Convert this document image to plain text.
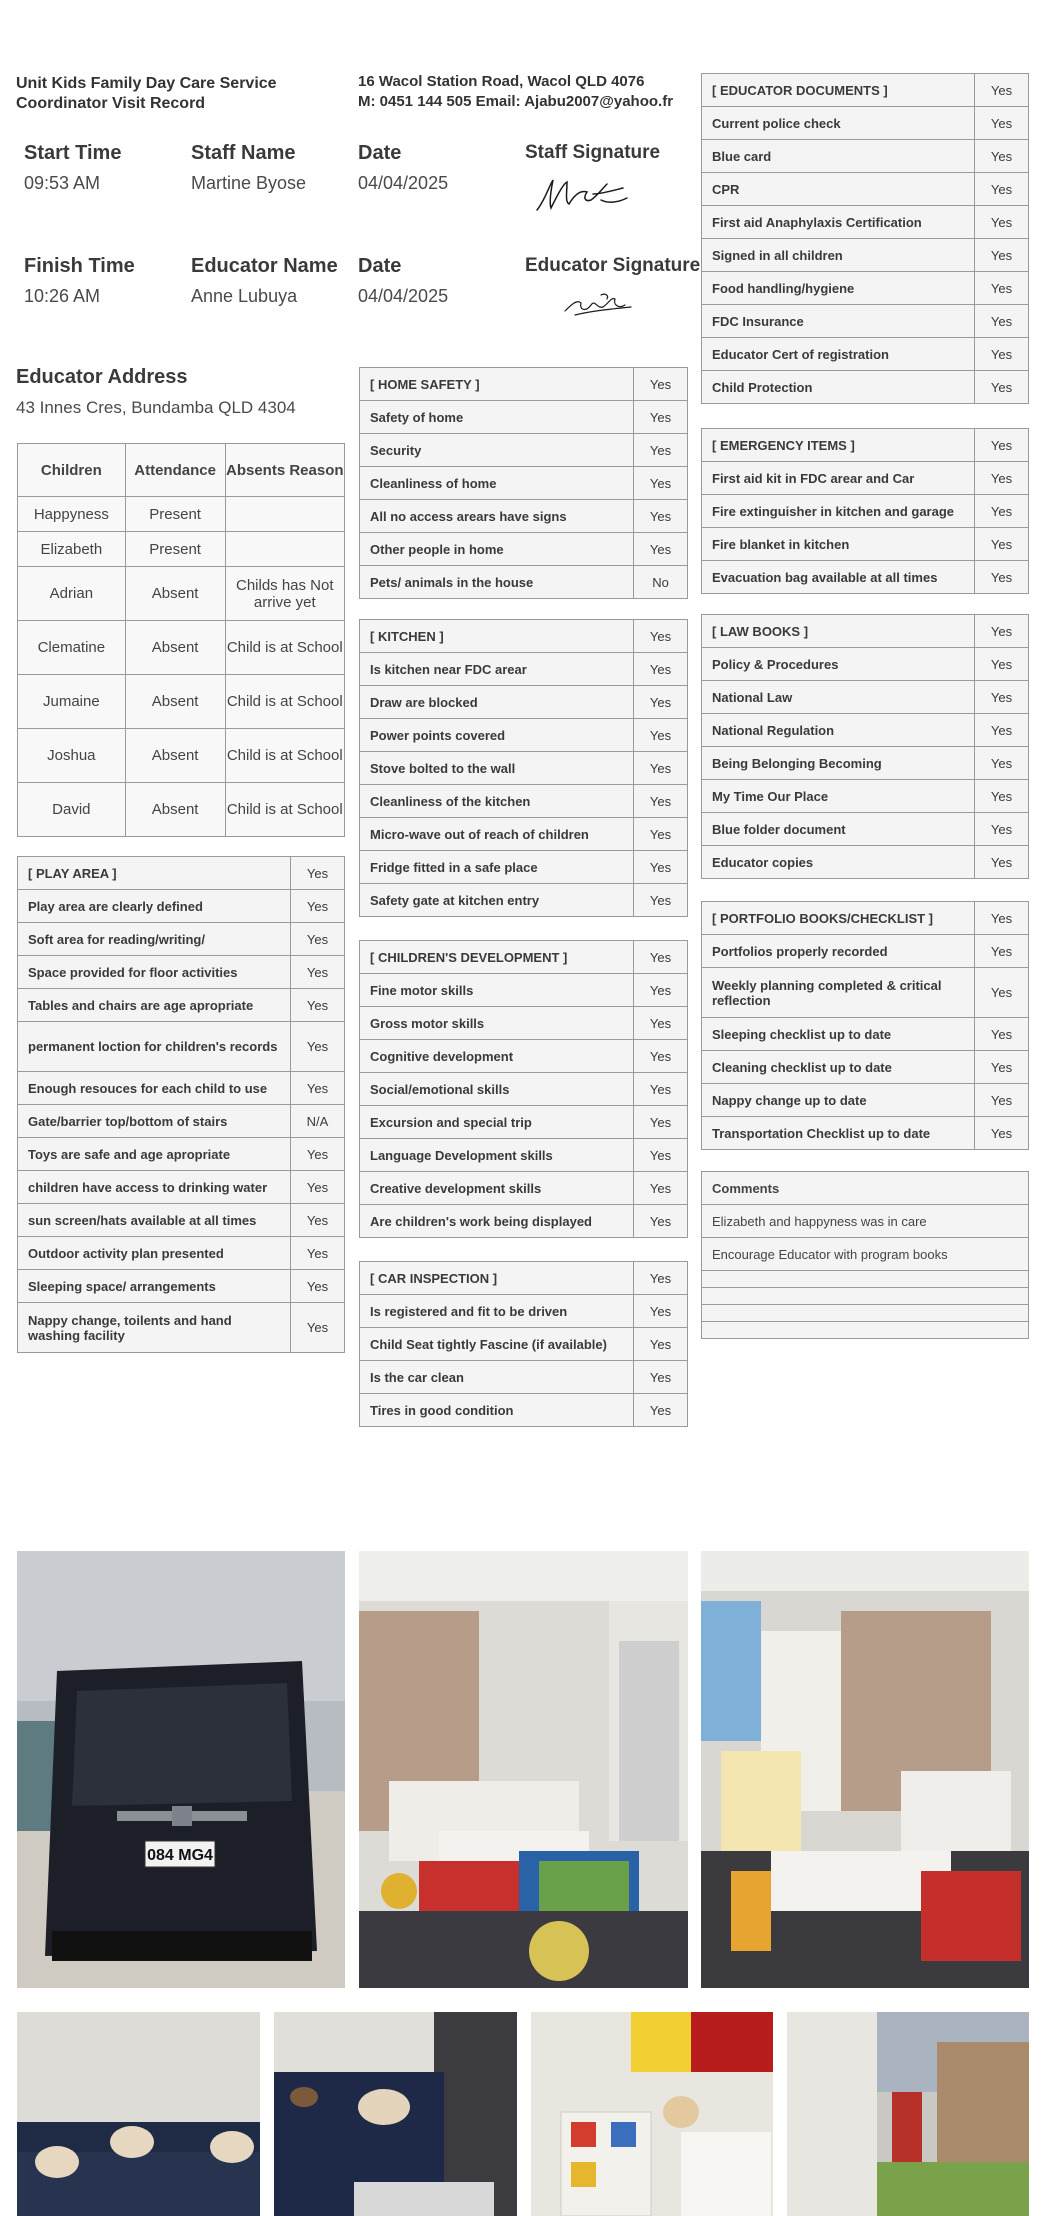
Unit Kids Family Day Care Service Coordinator Visit Record
16 Wacol Station Road, Wacol QLD 4076
M: 0451 144 505 Email: Ajabu2007@yahoo.fr
Start Time
09:53 AM
Staff Name
Martine Byose
Date
04/04/2025
Staff Signature
Finish Time
10:26 AM
Educator Name
Anne Lubuya
Date
04/04/2025
Educator Signature
Educator Address
43 Innes Cres, Bundamba QLD 4304
Children	Attendance	Absents Reason
Happyness	Present	
Elizabeth	Present	
Adrian	Absent	Childs has Not arrive yet
Clematine	Absent	Child is at School
Jumaine	Absent	Child is at School
Joshua	Absent	Child is at School
David	Absent	Child is at School
[ PLAY AREA ]	Yes
Play area are clearly defined	Yes
Soft area for reading/writing/	Yes
Space provided for floor activities	Yes
Tables and chairs are age apropriate	Yes
permanent loction for children's records	Yes
Enough resouces for each child to use	Yes
Gate/barrier top/bottom of stairs	N/A
Toys are safe and age apropriate	Yes
children have access to drinking water	Yes
sun screen/hats available at all times	Yes
Outdoor activity plan presented	Yes
Sleeping space/ arrangements	Yes
Nappy change, toilents and hand washing facility	Yes
[ HOME SAFETY ]	Yes
Safety of home	Yes
Security	Yes
Cleanliness of home	Yes
All no access arears have signs	Yes
Other people in home	Yes
Pets/ animals in the house	No
[ KITCHEN ]	Yes
Is kitchen near FDC arear	Yes
Draw are blocked	Yes
Power points covered	Yes
Stove bolted to the wall	Yes
Cleanliness of the kitchen	Yes
Micro-wave out of reach of children	Yes
Fridge fitted in a safe place	Yes
Safety gate at kitchen entry	Yes
[ CHILDREN'S DEVELOPMENT ]	Yes
Fine motor skills	Yes
Gross motor skills	Yes
Cognitive development	Yes
Social/emotional skills	Yes
Excursion and special trip	Yes
Language Development skills	Yes
Creative development skills	Yes
Are children's work being displayed	Yes
[ CAR INSPECTION ]	Yes
Is registered and fit to be driven	Yes
Child Seat tightly Fascine (if available)	Yes
Is the car clean	Yes
Tires in good condition	Yes
[ EDUCATOR DOCUMENTS ]	Yes
Current police check	Yes
Blue card	Yes
CPR	Yes
First aid Anaphylaxis Certification	Yes
Signed in all children	Yes
Food handling/hygiene	Yes
FDC Insurance	Yes
Educator Cert of registration	Yes
Child Protection	Yes
[ EMERGENCY ITEMS ]	Yes
First aid kit in FDC arear and Car	Yes
Fire extinguisher in kitchen and garage	Yes
Fire blanket in kitchen	Yes
Evacuation bag available at all times	Yes
[ LAW BOOKS ]	Yes
Policy & Procedures	Yes
National Law	Yes
National Regulation	Yes
Being Belonging Becoming	Yes
My Time Our Place	Yes
Blue folder document	Yes
Educator copies	Yes
[ PORTFOLIO BOOKS/CHECKLIST ]	Yes
Portfolios properly recorded	Yes
Weekly planning completed & critical reflection	Yes
Sleeping checklist up to date	Yes
Cleaning checklist up to date	Yes
Nappy change up to date	Yes
Transportation Checklist up to date	Yes
Comments
Elizabeth and happyness was in care
Encourage Educator with program books

084 MG4
